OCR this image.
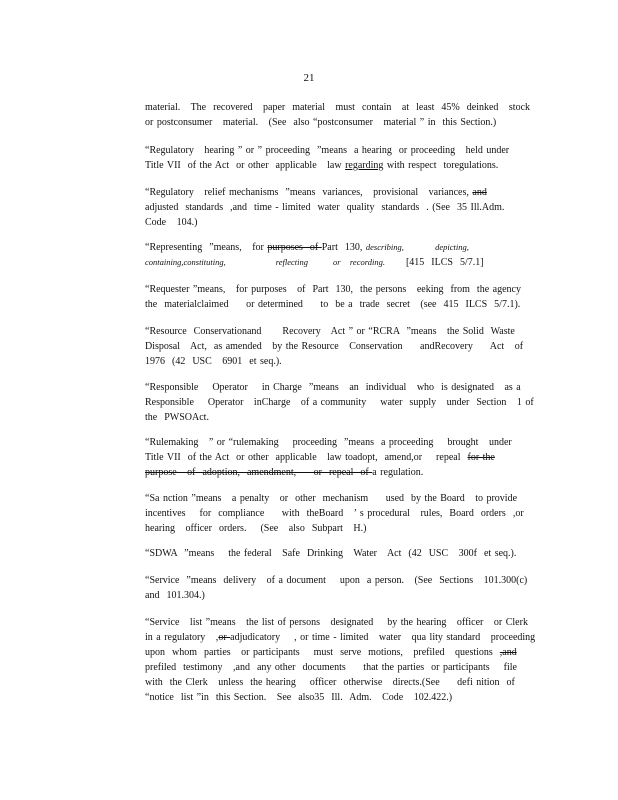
21
material.   The  recovered   paper  material   must  contain   at  least  45%  deinked   stock
or postconsumer   material.   (See  also “postconsumer   material ” in  this Section.)
“Regulatory   hearing ” or ” proceeding  ”means  a hearing  or proceeding   held under
Title VII  of the Act  or other  applicable   law regarding with respect  toregulations.
“Regulatory   relief mechanisms  ”means  variances,   provisional   variances, and
adjusted  standards  ,and  time - limited  water  quality  standards  . (See  35 Ill.Adm.
Code   104.)
“Representing  ”means,   for purposes  of Part  130, describing,          depicting,
containing,constituting,                reflecting        or   recording.      [415  ILCS  5/7.1]
“Requester ”means,   for purposes   of  Part  130,  the persons   eeking  from  the agency
the  materialclaimed     or determined     to  be a  trade  secret   (see  415  ILCS  5/7.1).
“Resource  Conservationand      Recovery   Act ” or “RCRA  ”means   the Solid  Waste
Disposal   Act,  as amended   by the Resource   Conservation     andRecovery     Act   of
1976  (42  USC   6901  et seq.).
“Responsible    Operator    in Charge  ”means   an  individual   who  is designated   as a
Responsible    Operator   inCharge   of a community    water  supply   under  Section   1 of
the  PWSOAct.
“Rulemaking   ” or “rulemaking    proceeding  ”means  a proceeding    brought   under
Title VII  of the Act  or other  applicable   law toadopt,  amend,or    repeal  for the
purpose   of  adoption,  amendment,     or  repeal  of a regulation.
“Sa nction ”means   a penalty   or  other  mechanism     used  by the Board   to provide
incentives    for  compliance     with  theBoard   ’ s procedural   rules,  Board  orders  ,or
hearing   officer  orders.    (See   also  Subpart   H.)
“SDWA  ”means    the federal   Safe  Drinking   Water   Act  (42  USC   300f  et seq.).
“Service  ”means  delivery   of a document    upon  a person.   (See  Sections   101.300(c)
and  101.304.)
“Service   list ”means   the list of persons   designated    by the hearing   officer   or Clerk
in a regulatory   ,or adjudicatory    , or time - limited   water   qua lity standard   proceeding
upon  whom  parties   or participants    must  serve  motions,   prefiled   questions  ,and
prefiled  testimony   ,and  any other  documents     that the parties  or participants    file
with  the Clerk   unless  the hearing    officer  otherwise   directs.(See     defi nition  of
“notice  list ”in  this Section.   See  also35  Ill.  Adm.   Code   102.422.)
